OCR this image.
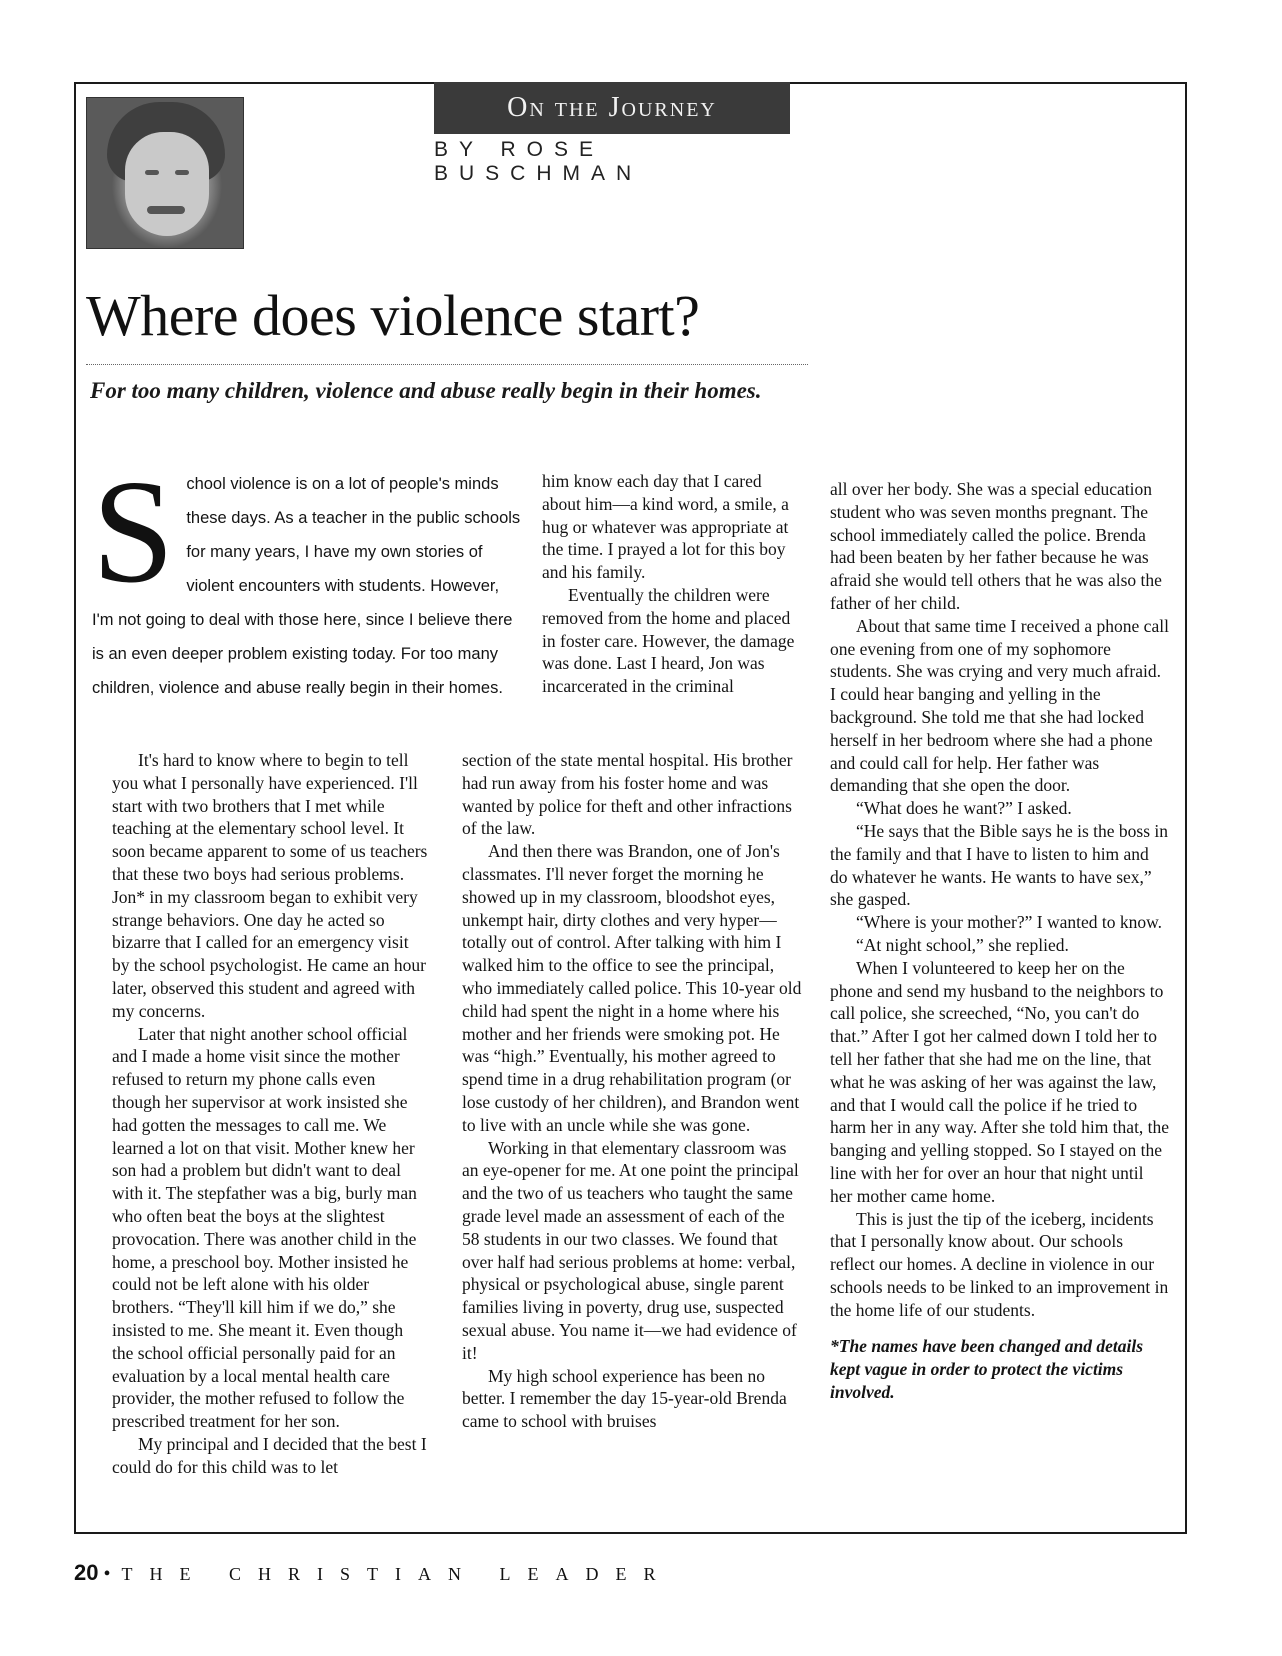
On the Journey
BY ROSE BUSCHMAN
Where does violence start?
For too many children, violence and abuse really begin in their homes.
S chool violence is on a lot of people's minds these days. As a teacher in the public schools for many years, I have my own stories of violent encounters with students. However, I'm not going to deal with those here, since I believe there is an even deeper problem existing today. For too many children, violence and abuse really begin in their homes.

It's hard to know where to begin to tell you what I personally have experienced. I'll start with two brothers that I met while teaching at the elementary school level. It soon became apparent to some of us teachers that these two boys had serious problems. Jon* in my classroom began to exhibit very strange behaviors. One day he acted so bizarre that I called for an emergency visit by the school psychologist. He came an hour later, observed this student and agreed with my concerns.

Later that night another school official and I made a home visit since the mother refused to return my phone calls even though her supervisor at work insisted she had gotten the messages to call me. We learned a lot on that visit. Mother knew her son had a problem but didn't want to deal with it. The stepfather was a big, burly man who often beat the boys at the slightest provocation. There was another child in the home, a preschool boy. Mother insisted he could not be left alone with his older brothers. “They'll kill him if we do,” she insisted to me. She meant it. Even though the school official personally paid for an evaluation by a local mental health care provider, the mother refused to follow the prescribed treatment for her son.

My principal and I decided that the best I could do for this child was to let

him know each day that I cared about him—a kind word, a smile, a hug or whatever was appropriate at the time. I prayed a lot for this boy and his family.

Eventually the children were removed from the home and placed in foster care. However, the damage was done. Last I heard, Jon was incarcerated in the criminal

section of the state mental hospital. His brother had run away from his foster home and was wanted by police for theft and other infractions of the law.

And then there was Brandon, one of Jon's classmates. I'll never forget the morning he showed up in my classroom, bloodshot eyes, unkempt hair, dirty clothes and very hyper—totally out of control. After talking with him I walked him to the office to see the principal, who immediately called police. This 10-year old child had spent the night in a home where his mother and her friends were smoking pot. He was “high.” Eventually, his mother agreed to spend time in a drug rehabilitation program (or lose custody of her children), and Brandon went to live with an uncle while she was gone.

Working in that elementary classroom was an eye-opener for me. At one point the principal and the two of us teachers who taught the same grade level made an assessment of each of the 58 students in our two classes. We found that over half had serious problems at home: verbal, physical or psychological abuse, single parent families living in poverty, drug use, suspected sexual abuse. You name it—we had evidence of it!

My high school experience has been no better. I remember the day 15-year-old Brenda came to school with bruises

all over her body. She was a special education student who was seven months pregnant. The school immediately called the police. Brenda had been beaten by her father because he was afraid she would tell others that he was also the father of her child.

About that same time I received a phone call one evening from one of my sophomore students. She was crying and very much afraid. I could hear banging and yelling in the background. She told me that she had locked herself in her bedroom where she had a phone and could call for help. Her father was demanding that she open the door.

“What does he want?” I asked.

“He says that the Bible says he is the boss in the family and that I have to listen to him and do whatever he wants. He wants to have sex,” she gasped.

“Where is your mother?” I wanted to know.

“At night school,” she replied.

When I volunteered to keep her on the phone and send my husband to the neighbors to call police, she screeched, “No, you can't do that.” After I got her calmed down I told her to tell her father that she had me on the line, that what he was asking of her was against the law, and that I would call the police if he tried to harm her in any way. After she told him that, the banging and yelling stopped. So I stayed on the line with her for over an hour that night until her mother came home.

This is just the tip of the iceberg, incidents that I personally know about. Our schools reflect our homes. A decline in violence in our schools needs to be linked to an improvement in the home life of our students.

*The names have been changed and details kept vague in order to protect the victims involved.

20 • THE CHRISTIAN LEADER
